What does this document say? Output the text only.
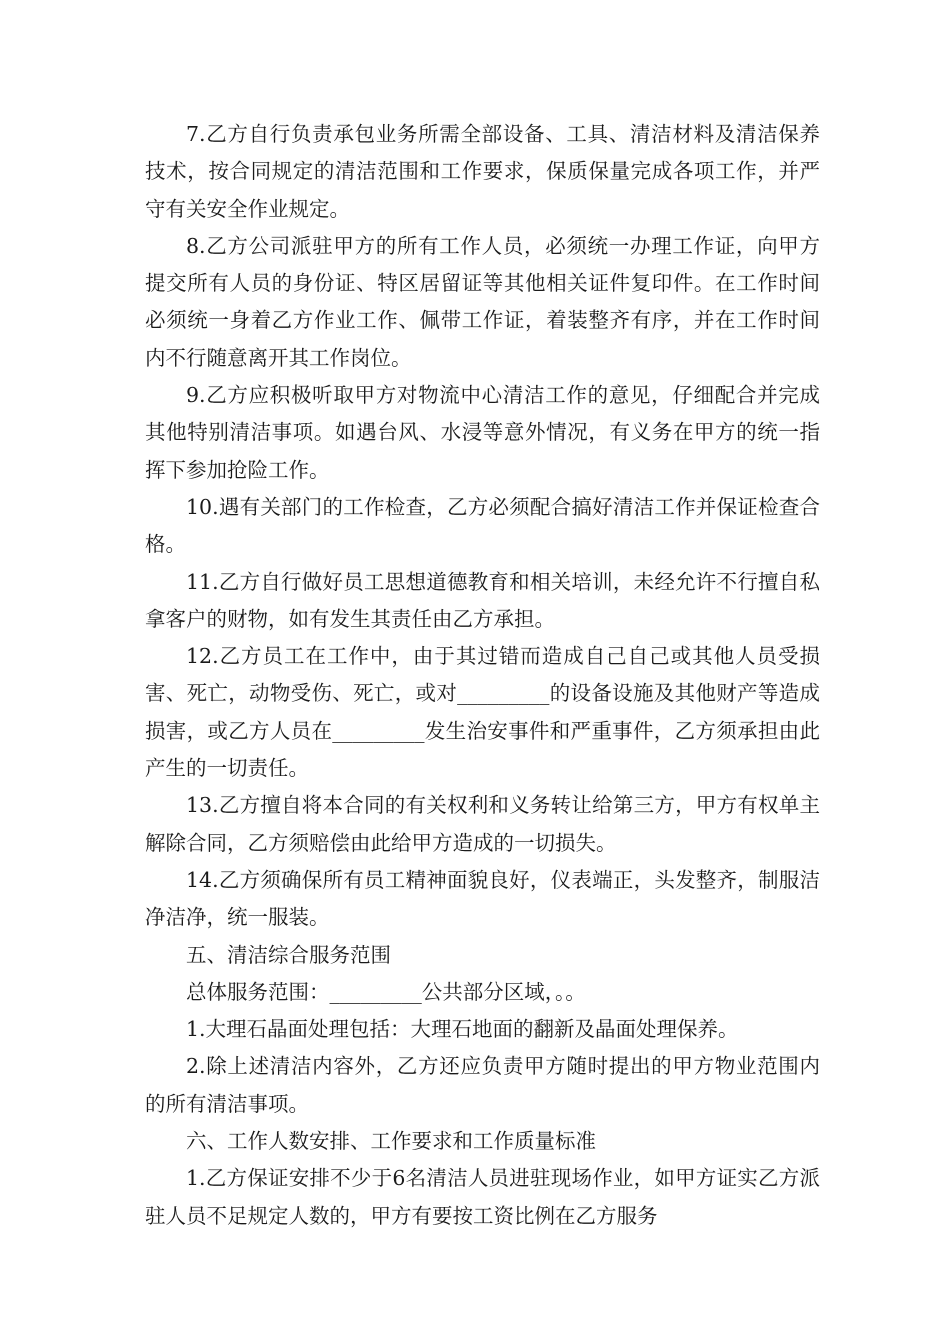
7.乙方自行负责承包业务所需全部设备、工具、清洁材料及清洁保养技术，按合同规定的清洁范围和工作要求，保质保量完成各项工作，并严守有关安全作业规定。

8.乙方公司派驻甲方的所有工作人员，必须统一办理工作证，向甲方提交所有人员的身份证、特区居留证等其他相关证件复印件。在工作时间必须统一身着乙方作业工作、佩带工作证，着装整齐有序，并在工作时间内不行随意离开其工作岗位。

9.乙方应积极听取甲方对物流中心清洁工作的意见，仔细配合并完成其他特别清洁事项。如遇台风、水浸等意外情况，有义务在甲方的统一指挥下参加抢险工作。

10.遇有关部门的工作检查，乙方必须配合搞好清洁工作并保证检查合格。

11.乙方自行做好员工思想道德教育和相关培训，未经允许不行擅自私拿客户的财物，如有发生其责任由乙方承担。

12.乙方员工在工作中，由于其过错而造成自己自己或其他人员受损害、死亡，动物受伤、死亡，或对_________的设备设施及其他财产等造成损害，或乙方人员在_________发生治安事件和严重事件，乙方须承担由此产生的一切责任。

13.乙方擅自将本合同的有关权利和义务转让给第三方，甲方有权单主解除合同，乙方须赔偿由此给甲方造成的一切损失。

14.乙方须确保所有员工精神面貌良好，仪表端正，头发整齐，制服洁净洁净，统一服装。

五、清洁综合服务范围

总体服务范围：_________公共部分区域，。。

1.大理石晶面处理包括：大理石地面的翻新及晶面处理保养。

2.除上述清洁内容外，乙方还应负责甲方随时提出的甲方物业范围内的所有清洁事项。

六、工作人数安排、工作要求和工作质量标准

1.乙方保证安排不少于6名清洁人员进驻现场作业，如甲方证实乙方派驻人员不足规定人数的，甲方有要按工资比例在乙方服务
